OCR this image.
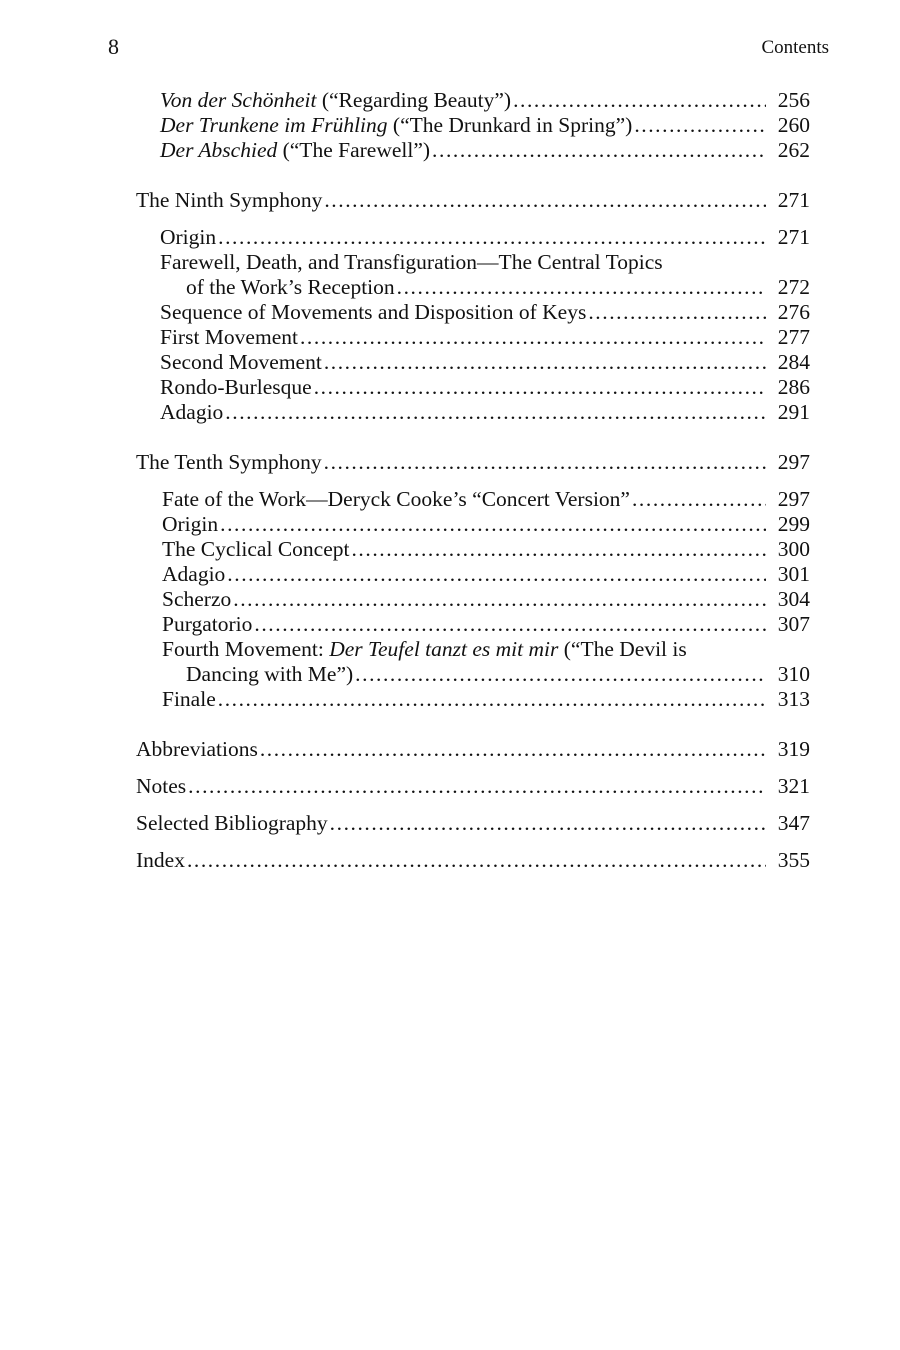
8	Contents
Von der Schönheit (“Regarding Beauty”) . . .	256
Der Trunkene im Frühling (“The Drunkard in Spring”) . . .	260
Der Abschied (“The Farewell”) . . .	262
The Ninth Symphony . . .	271
Origin . . .	271
Farewell, Death, and Transfiguration—The Central Topics
of the Work’s Reception . . .	272
Sequence of Movements and Disposition of Keys . . .	276
First Movement . . .	277
Second Movement . . .	284
Rondo-Burlesque . . .	286
Adagio . . .	291
The Tenth Symphony . . .	297
Fate of the Work—Deryck Cooke’s “Concert Version” . . .	297
Origin . . .	299
The Cyclical Concept . . .	300
Adagio . . .	301
Scherzo . . .	304
Purgatorio . . .	307
Fourth Movement: Der Teufel tanzt es mit mir (“The Devil is
Dancing with Me”) . . .	310
Finale . . .	313
Abbreviations . . .	319
Notes . . .	321
Selected Bibliography . . .	347
Index . . .	355
